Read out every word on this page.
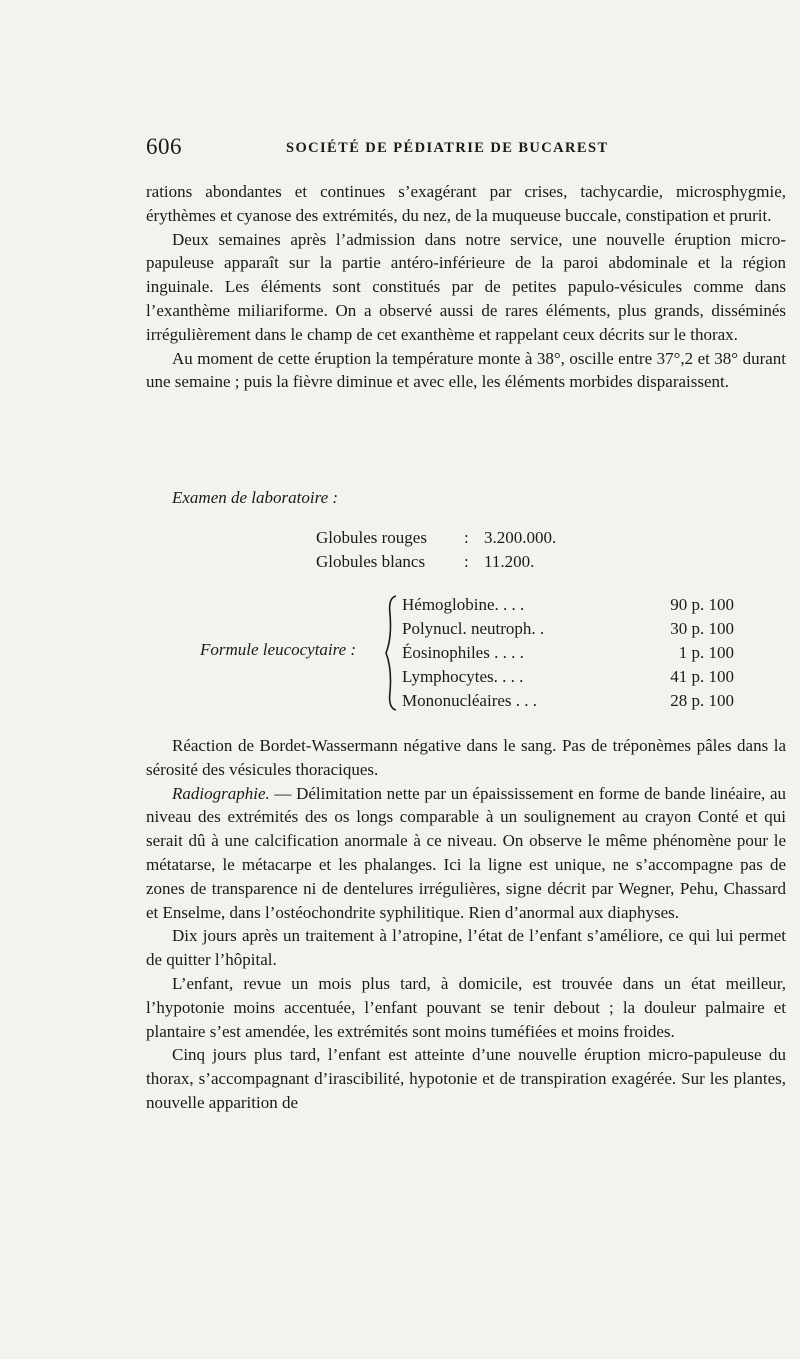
606	SOCIÉTÉ DE PÉDIATRIE DE BUCAREST

rations abondantes et continues s’exagérant par crises, tachycardie, microsphygmie, érythèmes et cyanose des extrémités, du nez, de la muqueuse buccale, constipation et prurit.

Deux semaines après l’admission dans notre service, une nouvelle éruption micro-papuleuse apparaît sur la partie antéro-inférieure de la paroi abdominale et la région inguinale. Les éléments sont constitués par de petites papulo-vésicules comme dans l’exanthème miliariforme. On a observé aussi de rares éléments, plus grands, disséminés irrégulièrement dans le champ de cet exanthème et rappelant ceux décrits sur le thorax.

Au moment de cette éruption la température monte à 38°, oscille entre 37°,2 et 38° durant une semaine ; puis la fièvre diminue et avec elle, les éléments morbides disparaissent.

Examen de laboratoire :
Globules rouges : 3.200.000.
Globules blancs : 11.200.
Formule leucocytaire :
Hémoglobine. . . .	90 p. 100
Polynucl. neutroph. .	30 p. 100
Éosinophiles . . . .	1 p. 100
Lymphocytes. . . .	41 p. 100
Mononucléaires . . .	28 p. 100

Réaction de Bordet-Wassermann négative dans le sang. Pas de tréponèmes pâles dans la sérosité des vésicules thoraciques.

Radiographie. — Délimitation nette par un épaississement en forme de bande linéaire, au niveau des extrémités des os longs comparable à un soulignement au crayon Conté et qui serait dû à une calcification anormale à ce niveau. On observe le même phénomène pour le métatarse, le métacarpe et les phalanges. Ici la ligne est unique, ne s’accompagne pas de zones de transparence ni de dentelures irrégulières, signe décrit par Wegner, Pehu, Chassard et Enselme, dans l’ostéochondrite syphilitique. Rien d’anormal aux diaphyses.

Dix jours après un traitement à l’atropine, l’état de l’enfant s’améliore, ce qui lui permet de quitter l’hôpital.

L’enfant, revue un mois plus tard, à domicile, est trouvée dans un état meilleur, l’hypotonie moins accentuée, l’enfant pouvant se tenir debout ; la douleur palmaire et plantaire s’est amendée, les extrémités sont moins tuméfiées et moins froides.

Cinq jours plus tard, l’enfant est atteinte d’une nouvelle éruption micro-papuleuse du thorax, s’accompagnant d’irascibilité, hypotonie et de transpiration exagérée. Sur les plantes, nouvelle apparition de
